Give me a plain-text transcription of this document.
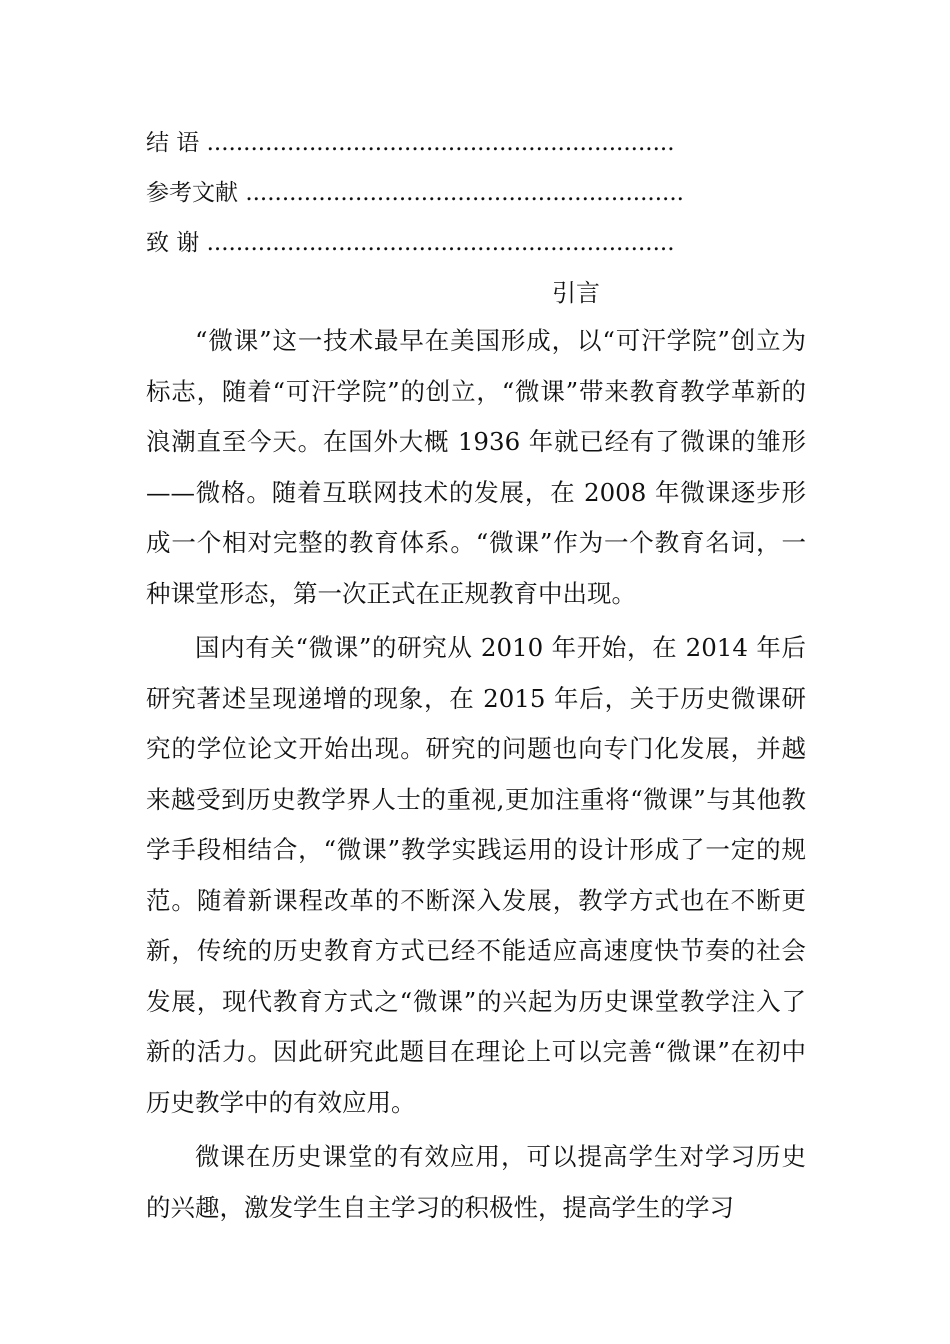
结 语 ................................................................
参考文献 ............................................................
致 谢 ................................................................
引言

“微课”这一技术最早在美国形成，以“可汗学院”创立为标志，随着“可汗学院”的创立，“微课”带来教育教学革新的浪潮直至今天。在国外大概 1936 年就已经有了微课的雏形——微格。随着互联网技术的发展，在 2008 年微课逐步形成一个相对完整的教育体系。“微课”作为一个教育名词，一种课堂形态，第一次正式在正规教育中出现。

国内有关“微课”的研究从 2010 年开始，在 2014 年后研究著述呈现递增的现象，在 2015 年后，关于历史微课研究的学位论文开始出现。研究的问题也向专门化发展，并越来越受到历史教学界人士的重视,更加注重将“微课”与其他教学手段相结合，“微课”教学实践运用的设计形成了一定的规范。随着新课程改革的不断深入发展，教学方式也在不断更新，传统的历史教育方式已经不能适应高速度快节奏的社会发展，现代教育方式之“微课”的兴起为历史课堂教学注入了新的活力。因此研究此题目在理论上可以完善“微课”在初中历史教学中的有效应用。

微课在历史课堂的有效应用，可以提高学生对学习历史的兴趣，激发学生自主学习的积极性，提高学生的学习
